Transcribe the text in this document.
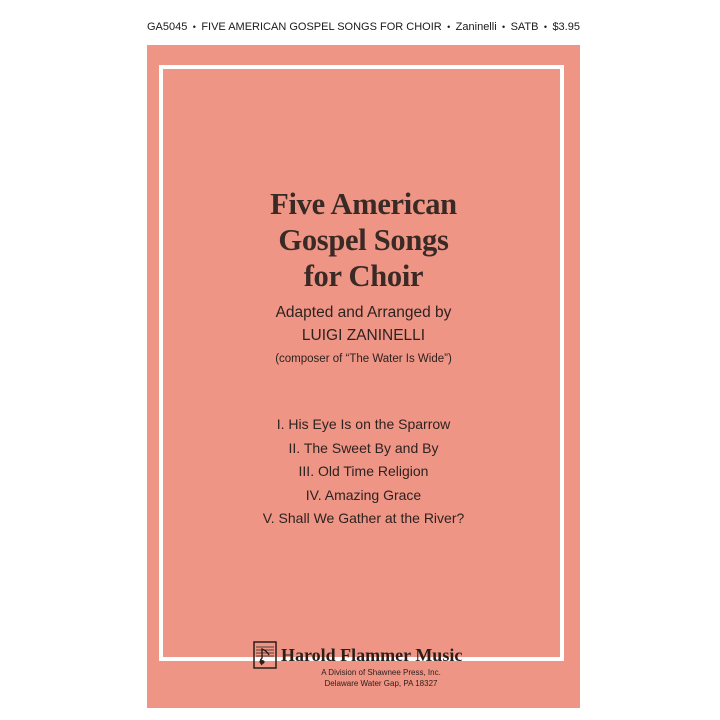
GA5045 • FIVE AMERICAN GOSPEL SONGS FOR CHOIR • Zaninelli • SATB • $3.95
Five American
Gospel Songs
for Choir
Adapted and Arranged by
LUIGI ZANINELLI
(composer of “The Water Is Wide”)
I. His Eye Is on the Sparrow
II. The Sweet By and By
III. Old Time Religion
IV. Amazing Grace
V. Shall We Gather at the River?
Harold Flammer Music
A Division of Shawnee Press, Inc.
Delaware Water Gap, PA 18327
